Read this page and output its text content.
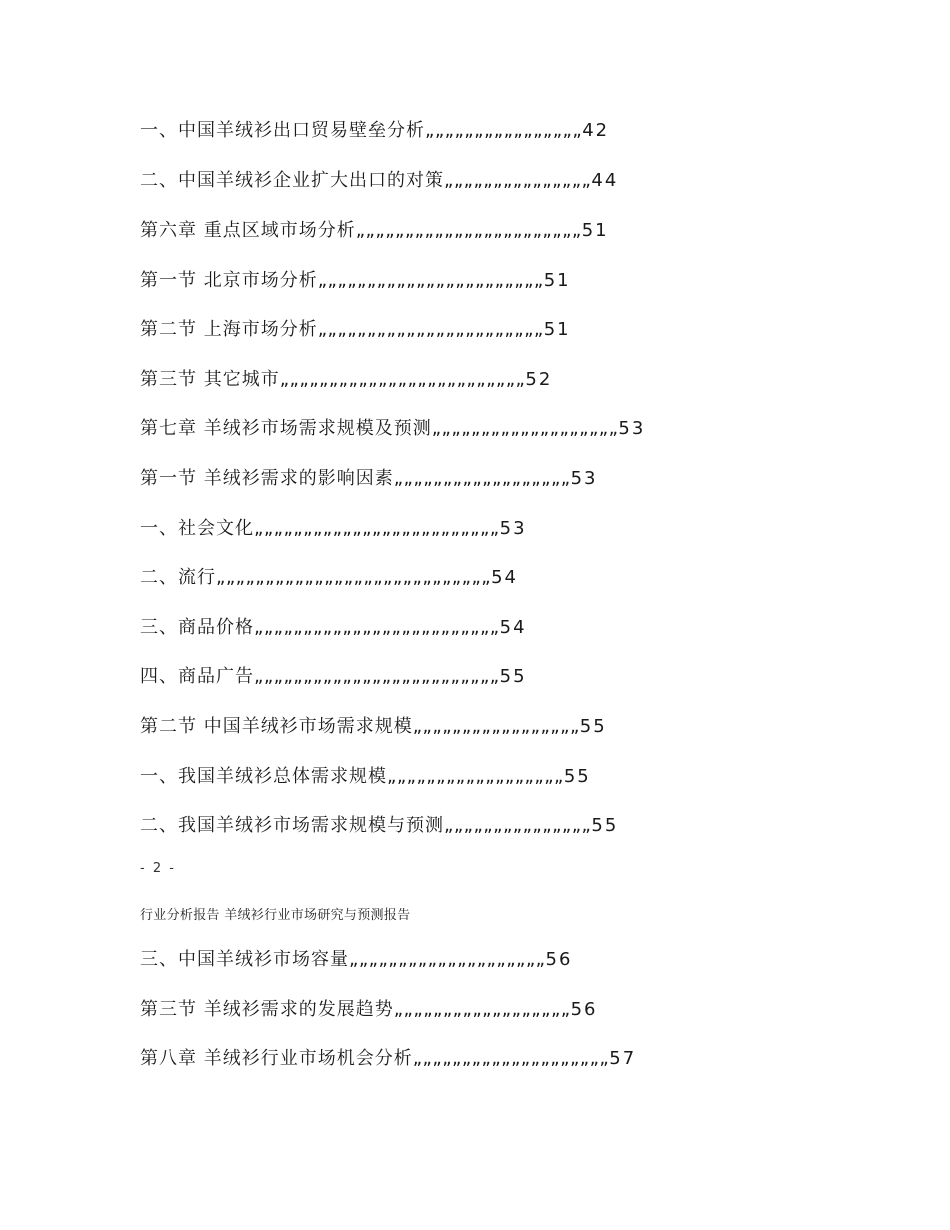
一、中国羊绒衫出口贸易壁垒分析„„„„„„„„„„„„„„„„42
二、中国羊绒衫企业扩大出口的对策„„„„„„„„„„„„„„„44
第六章 重点区域市场分析„„„„„„„„„„„„„„„„„„„„„„„51
第一节 北京市场分析„„„„„„„„„„„„„„„„„„„„„„„51
第二节 上海市场分析„„„„„„„„„„„„„„„„„„„„„„„51
第三节 其它城市„„„„„„„„„„„„„„„„„„„„„„„„„52
第七章 羊绒衫市场需求规模及预测„„„„„„„„„„„„„„„„„„„53
第一节 羊绒衫需求的影响因素„„„„„„„„„„„„„„„„„„53
一、社会文化„„„„„„„„„„„„„„„„„„„„„„„„„53
二、流行„„„„„„„„„„„„„„„„„„„„„„„„„„„„54
三、商品价格„„„„„„„„„„„„„„„„„„„„„„„„„54
四、商品广告„„„„„„„„„„„„„„„„„„„„„„„„„55
第二节 中国羊绒衫市场需求规模„„„„„„„„„„„„„„„„„55
一、我国羊绒衫总体需求规模„„„„„„„„„„„„„„„„„„55
二、我国羊绒衫市场需求规模与预测„„„„„„„„„„„„„„„55
三、中国羊绒衫市场容量„„„„„„„„„„„„„„„„„„„„56
第三节 羊绒衫需求的发展趋势„„„„„„„„„„„„„„„„„„56
第八章 羊绒衫行业市场机会分析„„„„„„„„„„„„„„„„„„„„57
- 2 -
行业分析报告 羊绒衫行业市场研究与预测报告
